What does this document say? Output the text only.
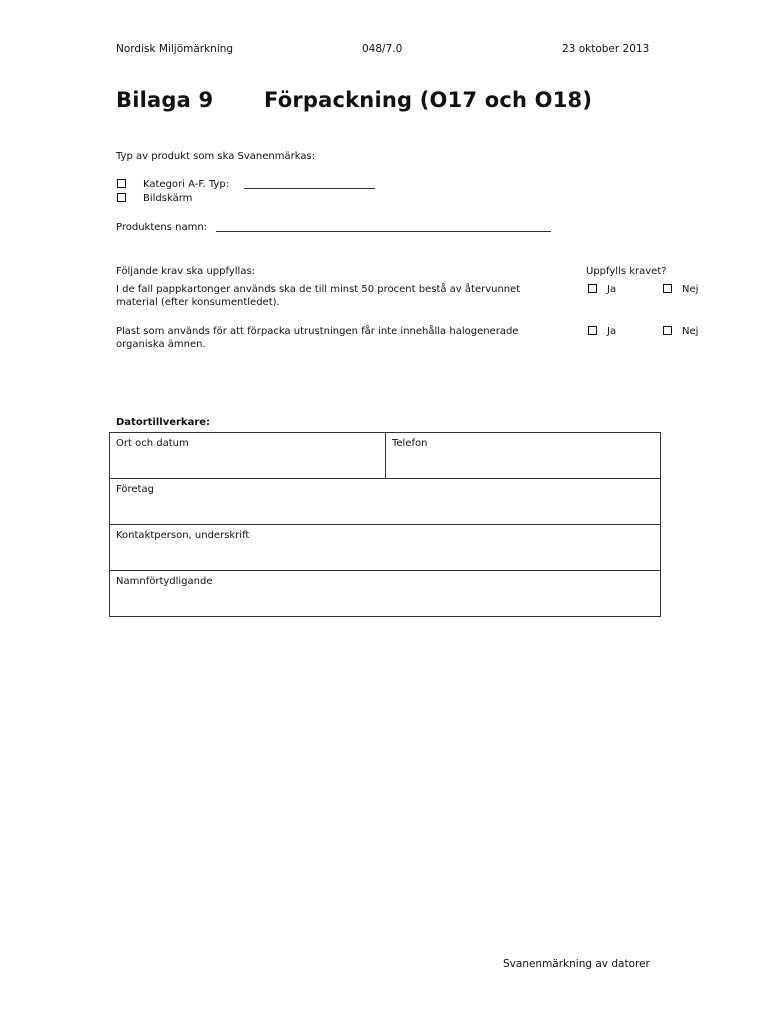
Nordisk Miljömärkning	048/7.0	23 oktober 2013
Bilaga 9 Förpackning (O17 och O18)
Typ av produkt som ska Svanenmärkas:
Kategori A-F. Typ:
Bildskärm
Produktens namn:
Följande krav ska uppfyllas:	Uppfylls kravet?
I de fall pappkartonger används ska de till minst 50 procent bestå av återvunnet
material (efter konsumentledet).
Ja	Nej
Plast som används för att förpacka utrustningen får inte innehålla halogenerade
organiska ämnen.
Ja	Nej
Datortillverkare:
Ort och datum	Telefon
Företag
Kontaktperson, underskrift
Namnförtydligande
Svanenmärkning av datorer
